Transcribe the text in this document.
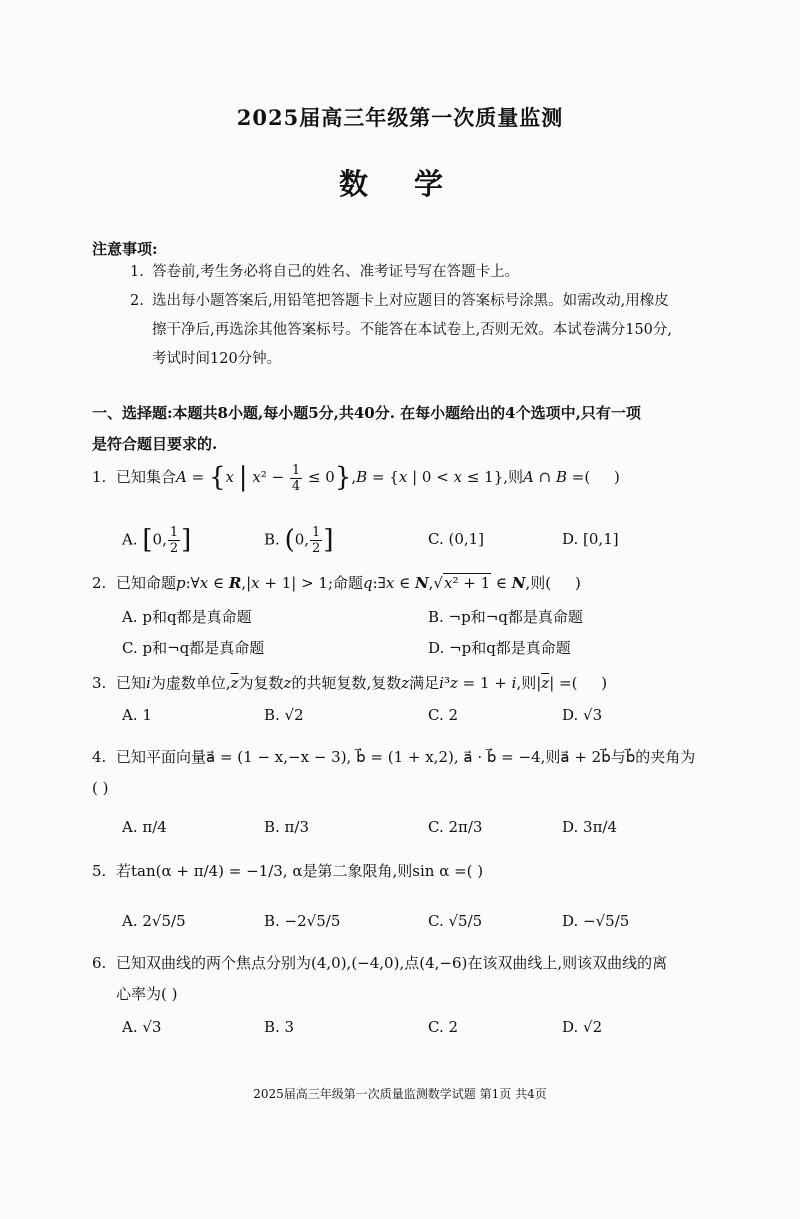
2025届高三年级第一次质量监测
数 学
注意事项:
1. 答卷前,考生务必将自己的姓名、准考证号写在答题卡上。
2. 选出每小题答案后,用铅笔把答题卡上对应题目的答案标号涂黑。如需改动,用橡皮
擦干净后,再选涂其他答案标号。不能答在本试卷上,否则无效。本试卷满分150分,
考试时间120分钟。
一、选择题:本题共8小题,每小题5分,共40分. 在每小题给出的4个选项中,只有一项
是符合题目要求的.
1. 已知集合A = {x | $x^2 - \frac{1}{4} \le 0\},B = \{x$ | 0 < x ≤ 1},则A ∩ B =(     )
A. [0, $\frac{1}{2}$ ]	B. (0, $\frac{1}{2}$ ]	C. (0,1]	D. [0,1]
2. 已知命题p:∀x ∈ R,|x + 1| > 1;命题q:∃x ∈ N,√x² + 1 ∈ N,则(     )
A. p和q都是真命题	B. ¬p和¬q都是真命题
C. p和¬q都是真命题	D. ¬p和q都是真命题
3. 已知i为虚数单位$,\overline{z}$为复数z的共轭复数,复数z满足i³z = 1 + i,则$|\overline{z}|$ =(     )
A. 1	B. √2	C. 2	D. √3
4. 已知平面向量a⃗ = (1 − x,−x − 3), b⃗ = (1 + x,2), a⃗ · b⃗ = −4,则a⃗ + 2b⃗与b⃗的夹角为
( )
A. π/4	B. π/3	C. 2π/3	D. 3π/4
5. 若tan(α + π/4) = −1/3, α是第二象限角,则sin α =( )
A. 2√5/5	B. −2√5/5	C. √5/5	D. −√5/5
6. 已知双曲线的两个焦点分别为(4,0),(−4,0),点(4,−6)在该双曲线上,则该双曲线的离
心率为( )
A. √3	B. 3	C. 2	D. √2
2025届高三年级第一次质量监测数学试题 第1页 共4页
